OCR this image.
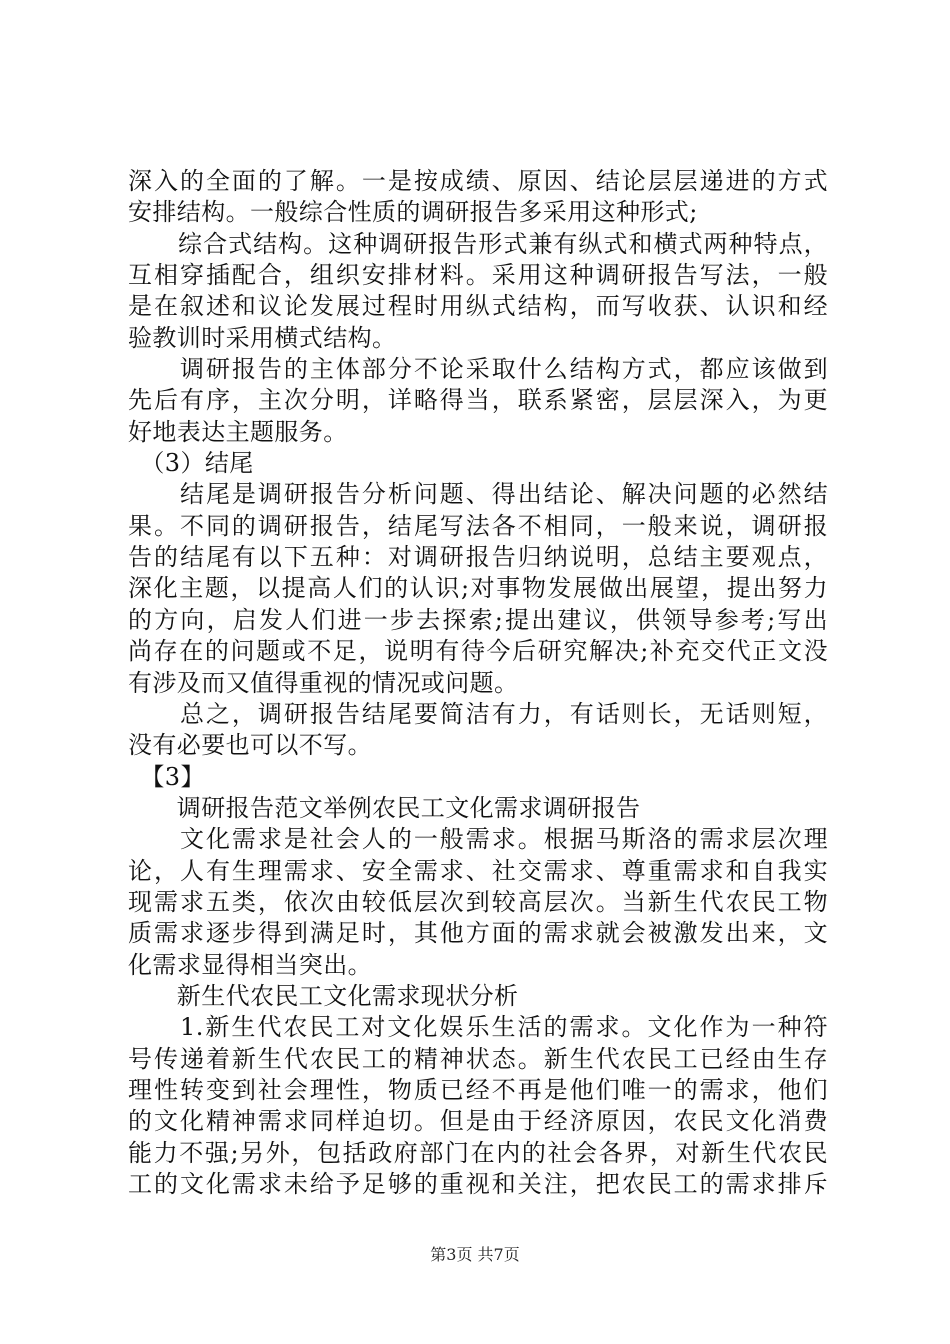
深入的全面的了解。一是按成绩、原因、结论层层递进的方式
安排结构。一般综合性质的调研报告多采用这种形式;
　　综合式结构。这种调研报告形式兼有纵式和横式两种特点，
互相穿插配合，组织安排材料。采用这种调研报告写法，一般
是在叙述和议论发展过程时用纵式结构，而写收获、认识和经
验教训时采用横式结构。
　　调研报告的主体部分不论采取什么结构方式，都应该做到
先后有序，主次分明，详略得当，联系紧密，层层深入，为更
好地表达主题服务。
　（3）结尾
　　结尾是调研报告分析问题、得出结论、解决问题的必然结
果。不同的调研报告，结尾写法各不相同，一般来说，调研报
告的结尾有以下五种：对调研报告归纳说明，总结主要观点，
深化主题，以提高人们的认识;对事物发展做出展望，提出努力
的方向，启发人们进一步去探索;提出建议，供领导参考;写出
尚存在的问题或不足，说明有待今后研究解决;补充交代正文没
有涉及而又值得重视的情况或问题。
　　总之，调研报告结尾要简洁有力，有话则长，无话则短，
没有必要也可以不写。
　【3】
　　调研报告范文举例农民工文化需求调研报告
　　文化需求是社会人的一般需求。根据马斯洛的需求层次理
论，人有生理需求、安全需求、社交需求、尊重需求和自我实
现需求五类，依次由较低层次到较高层次。当新生代农民工物
质需求逐步得到满足时，其他方面的需求就会被激发出来，文
化需求显得相当突出。
　　新生代农民工文化需求现状分析
　　1.新生代农民工对文化娱乐生活的需求。文化作为一种符
号传递着新生代农民工的精神状态。新生代农民工已经由生存
理性转变到社会理性，物质已经不再是他们唯一的需求，他们
的文化精神需求同样迫切。但是由于经济原因，农民文化消费
能力不强;另外，包括政府部门在内的社会各界，对新生代农民
工的文化需求未给予足够的重视和关注，把农民工的需求排斥
第3页 共7页
